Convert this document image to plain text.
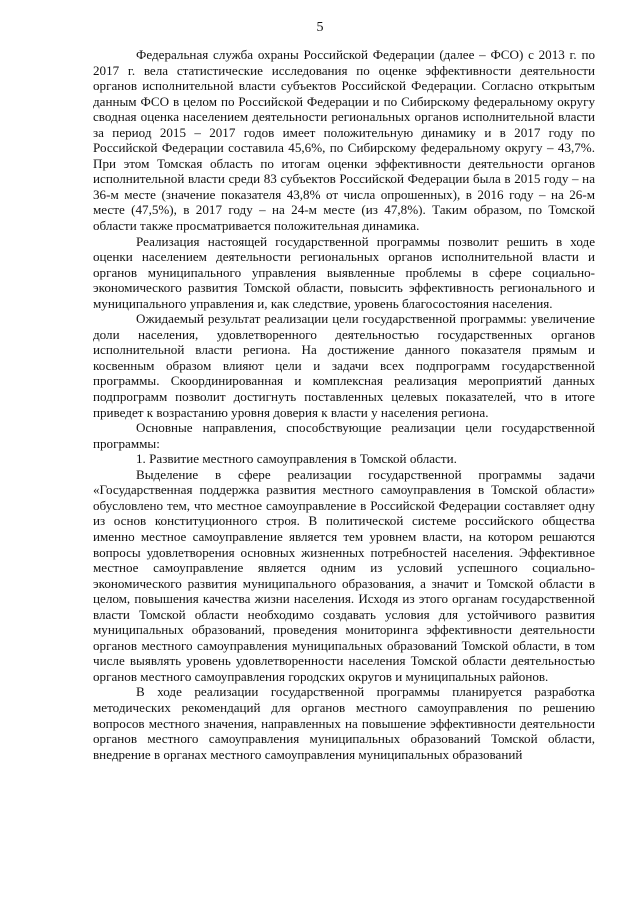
5

Федеральная служба охраны Российской Федерации (далее – ФСО) с 2013 г. по 2017 г. вела статистические исследования по оценке эффективности деятельности органов исполнительной власти субъектов Российской Федерации. Согласно открытым данным ФСО в целом по Российской Федерации и по Сибирскому федеральному округу сводная оценка населением деятельности региональных органов исполнительной власти за период 2015 – 2017 годов имеет положительную динамику и в 2017 году по Российской Федерации составила 45,6%, по Сибирскому федеральному округу – 43,7%. При этом Томская область по итогам оценки эффективности деятельности органов исполнительной власти среди 83 субъектов Российской Федерации была в 2015 году – на 36-м месте (значение показателя 43,8% от числа опрошенных), в 2016 году – на 26-м месте (47,5%), в 2017 году – на 24-м месте (из 47,8%). Таким образом, по Томской области также просматривается положительная динамика.

Реализация настоящей государственной программы позволит решить в ходе оценки населением деятельности региональных органов исполнительной власти и органов муниципального управления выявленные проблемы в сфере социально-экономического развития Томской области, повысить эффективность регионального и муниципального управления и, как следствие, уровень благосостояния населения.

Ожидаемый результат реализации цели государственной программы: увеличение доли населения, удовлетворенного деятельностью государственных органов исполнительной власти региона. На достижение данного показателя прямым и косвенным образом влияют цели и задачи всех подпрограмм государственной программы. Скоординированная и комплексная реализация мероприятий данных подпрограмм позволит достигнуть поставленных целевых показателей, что в итоге приведет к возрастанию уровня доверия к власти у населения региона.

Основные направления, способствующие реализации цели государственной программы:

1. Развитие местного самоуправления в Томской области.

Выделение в сфере реализации государственной программы задачи «Государственная поддержка развития местного самоуправления в Томской области» обусловлено тем, что местное самоуправление в Российской Федерации составляет одну из основ конституционного строя. В политической системе российского общества именно местное самоуправление является тем уровнем власти, на котором решаются вопросы удовлетворения основных жизненных потребностей населения. Эффективное местное самоуправление является одним из условий успешного социально-экономического развития муниципального образования, а значит и Томской области в целом, повышения качества жизни населения. Исходя из этого органам государственной власти Томской области необходимо создавать условия для устойчивого развития муниципальных образований, проведения мониторинга эффективности деятельности органов местного самоуправления муниципальных образований Томской области, в том числе выявлять уровень удовлетворенности населения Томской области деятельностью органов местного самоуправления городских округов и муниципальных районов.

В ходе реализации государственной программы планируется разработка методических рекомендаций для органов местного самоуправления по решению вопросов местного значения, направленных на повышение эффективности деятельности органов местного самоуправления муниципальных образований Томской области, внедрение в органах местного самоуправления муниципальных образований
